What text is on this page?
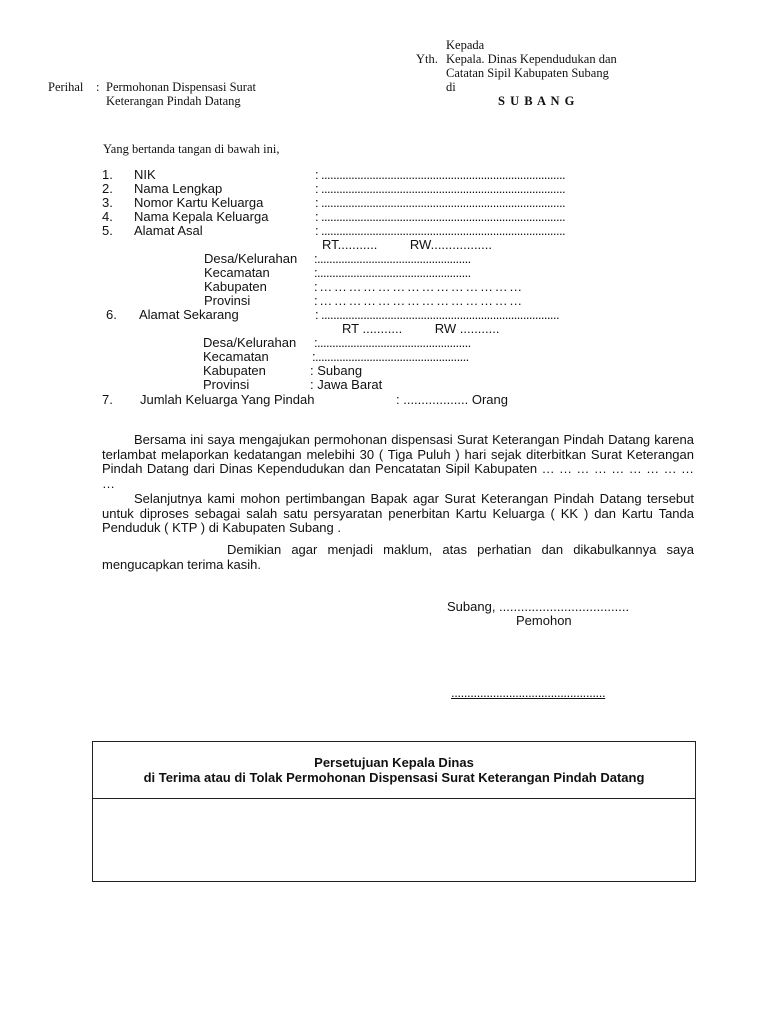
Kepada
Yth. Kepala. Dinas Kependudukan dan
Catatan Sipil Kabupaten Subang
di
S U B A N G
Perihal : Permohonan Dispensasi Surat
Keterangan Pindah Datang
Yang bertanda tangan di bawah ini,
1. NIK	: .................................................................................
2. Nama Lengkap	: .................................................................................
3. Nomor Kartu Keluarga	: .................................................................................
4. Nama Kepala Keluarga	: .................................................................................
5. Alamat Asal	: .................................................................................
RT...........         RW.................
Desa/Kelurahan :...................................................
Kecamatan	:...................................................
Kabupaten	: … … … … … … … … … … … … … …
Provinsi	: … … … … … … … … … … … … … …
6. Alamat Sekarang	: ...............................................................................
RT ...........         RW ...........
Desa/Kelurahan :...................................................
Kecamatan	:...................................................
Kabupaten	: Subang
Provinsi	: Jawa Barat
7. Jumlah Keluarga Yang Pindah	: .................. Orang
Bersama ini saya mengajukan permohonan dispensasi Surat Keterangan Pindah Datang karena terlambat melaporkan kedatangan melebihi 30 ( Tiga Puluh ) hari sejak diterbitkan Surat Keterangan Pindah Datang dari Dinas Kependudukan dan Pencatatan Sipil Kabupaten … … … … … … … … … …
Selanjutnya kami mohon pertimbangan Bapak agar Surat Keterangan Pindah Datang tersebut untuk diproses sebagai salah satu persyaratan penerbitan Kartu Keluarga ( KK ) dan Kartu Tanda Penduduk ( KTP ) di Kabupaten Subang .
Demikian agar menjadi maklum, atas perhatian dan dikabulkannya saya mengucapkan terima kasih.
Subang, ....................................
Pemohon
................................................
Persetujuan Kepala Dinas
di Terima atau di Tolak Permohonan Dispensasi Surat Keterangan Pindah Datang
